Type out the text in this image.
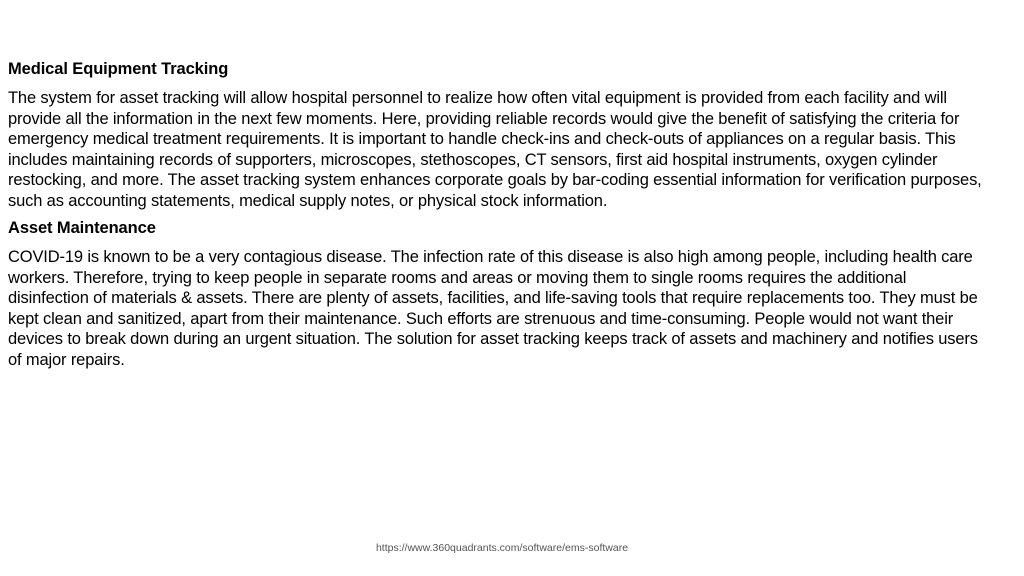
Medical Equipment Tracking
The system for asset tracking will allow hospital personnel to realize how often vital equipment is provided from each facility and will provide all the information in the next few moments. Here, providing reliable records would give the benefit of satisfying the criteria for emergency medical treatment requirements. It is important to handle check-ins and check-outs of appliances on a regular basis. This includes maintaining records of supporters, microscopes, stethoscopes, CT sensors, first aid hospital instruments, oxygen cylinder restocking, and more. The asset tracking system enhances corporate goals by bar-coding essential information for verification purposes, such as accounting statements, medical supply notes, or physical stock information.
Asset Maintenance
COVID-19 is known to be a very contagious disease. The infection rate of this disease is also high among people, including health care workers. Therefore, trying to keep people in separate rooms and areas or moving them to single rooms requires the additional disinfection of materials & assets. There are plenty of assets, facilities, and life-saving tools that require replacements too. They must be kept clean and sanitized, apart from their maintenance. Such efforts are strenuous and time-consuming. People would not want their devices to break down during an urgent situation. The solution for asset tracking keeps track of assets and machinery and notifies users of major repairs.
https://www.360quadrants.com/software/ems-software
